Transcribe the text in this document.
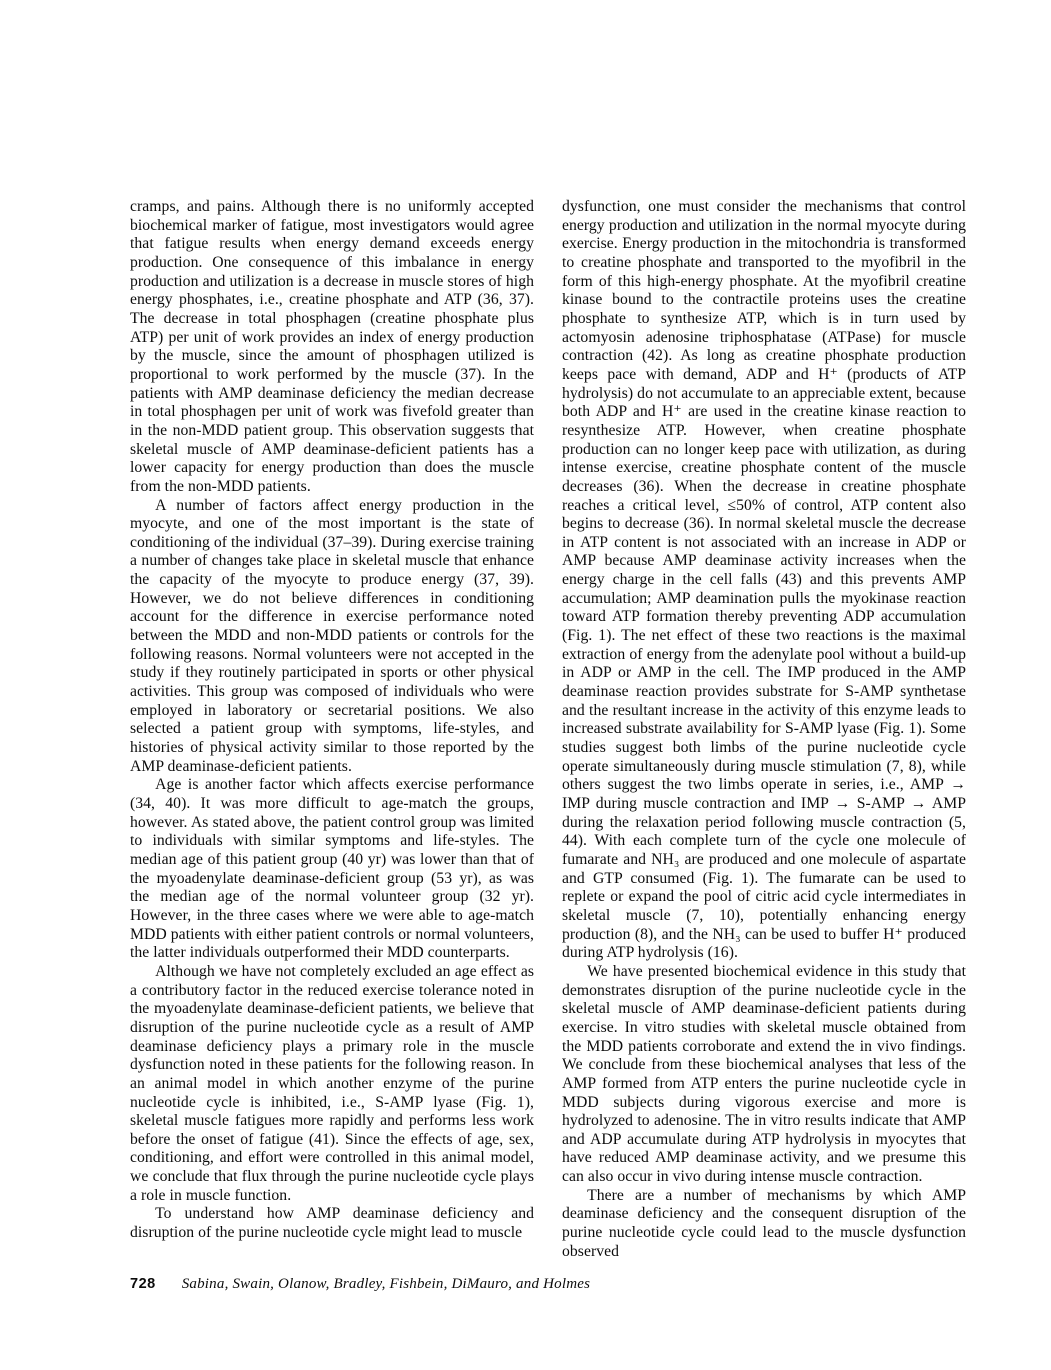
cramps, and pains. Although there is no uniformly accepted biochemical marker of fatigue, most investigators would agree that fatigue results when energy demand exceeds energy production. One consequence of this imbalance in energy production and utilization is a decrease in muscle stores of high energy phosphates, i.e., creatine phosphate and ATP (36, 37). The decrease in total phosphagen (creatine phosphate plus ATP) per unit of work provides an index of energy production by the muscle, since the amount of phosphagen utilized is proportional to work performed by the muscle (37). In the patients with AMP deaminase deficiency the median decrease in total phosphagen per unit of work was fivefold greater than in the non-MDD patient group. This observation suggests that skeletal muscle of AMP deaminase-deficient patients has a lower capacity for energy production than does the muscle from the non-MDD patients.

A number of factors affect energy production in the myocyte, and one of the most important is the state of conditioning of the individual (37–39). During exercise training a number of changes take place in skeletal muscle that enhance the capacity of the myocyte to produce energy (37, 39). However, we do not believe differences in conditioning account for the difference in exercise performance noted between the MDD and non-MDD patients or controls for the following reasons. Normal volunteers were not accepted in the study if they routinely participated in sports or other physical activities. This group was composed of individuals who were employed in laboratory or secretarial positions. We also selected a patient group with symptoms, life-styles, and histories of physical activity similar to those reported by the AMP deaminase-deficient patients.

Age is another factor which affects exercise performance (34, 40). It was more difficult to age-match the groups, however. As stated above, the patient control group was limited to individuals with similar symptoms and life-styles. The median age of this patient group (40 yr) was lower than that of the myoadenylate deaminase-deficient group (53 yr), as was the median age of the normal volunteer group (32 yr). However, in the three cases where we were able to age-match MDD patients with either patient controls or normal volunteers, the latter individuals outperformed their MDD counterparts.

Although we have not completely excluded an age effect as a contributory factor in the reduced exercise tolerance noted in the myoadenylate deaminase-deficient patients, we believe that disruption of the purine nucleotide cycle as a result of AMP deaminase deficiency plays a primary role in the muscle dysfunction noted in these patients for the following reason. In an animal model in which another enzyme of the purine nucleotide cycle is inhibited, i.e., S-AMP lyase (Fig. 1), skeletal muscle fatigues more rapidly and performs less work before the onset of fatigue (41). Since the effects of age, sex, conditioning, and effort were controlled in this animal model, we conclude that flux through the purine nucleotide cycle plays a role in muscle function.

To understand how AMP deaminase deficiency and disruption of the purine nucleotide cycle might lead to muscle

dysfunction, one must consider the mechanisms that control energy production and utilization in the normal myocyte during exercise. Energy production in the mitochondria is transformed to creatine phosphate and transported to the myofibril in the form of this high-energy phosphate. At the myofibril creatine kinase bound to the contractile proteins uses the creatine phosphate to synthesize ATP, which is in turn used by actomyosin adenosine triphosphatase (ATPase) for muscle contraction (42). As long as creatine phosphate production keeps pace with demand, ADP and H⁺ (products of ATP hydrolysis) do not accumulate to an appreciable extent, because both ADP and H⁺ are used in the creatine kinase reaction to resynthesize ATP. However, when creatine phosphate production can no longer keep pace with utilization, as during intense exercise, creatine phosphate content of the muscle decreases (36). When the decrease in creatine phosphate reaches a critical level, ≤50% of control, ATP content also begins to decrease (36). In normal skeletal muscle the decrease in ATP content is not associated with an increase in ADP or AMP because AMP deaminase activity increases when the energy charge in the cell falls (43) and this prevents AMP accumulation; AMP deamination pulls the myokinase reaction toward ATP formation thereby preventing ADP accumulation (Fig. 1). The net effect of these two reactions is the maximal extraction of energy from the adenylate pool without a build-up in ADP or AMP in the cell. The IMP produced in the AMP deaminase reaction provides substrate for S-AMP synthetase and the resultant increase in the activity of this enzyme leads to increased substrate availability for S-AMP lyase (Fig. 1). Some studies suggest both limbs of the purine nucleotide cycle operate simultaneously during muscle stimulation (7, 8), while others suggest the two limbs operate in series, i.e., AMP → IMP during muscle contraction and IMP → S-AMP → AMP during the relaxation period following muscle contraction (5, 44). With each complete turn of the cycle one molecule of fumarate and NH₃ are produced and one molecule of aspartate and GTP consumed (Fig. 1). The fumarate can be used to replete or expand the pool of citric acid cycle intermediates in skeletal muscle (7, 10), potentially enhancing energy production (8), and the NH₃ can be used to buffer H⁺ produced during ATP hydrolysis (16).

We have presented biochemical evidence in this study that demonstrates disruption of the purine nucleotide cycle in the skeletal muscle of AMP deaminase-deficient patients during exercise. In vitro studies with skeletal muscle obtained from the MDD patients corroborate and extend the in vivo findings. We conclude from these biochemical analyses that less of the AMP formed from ATP enters the purine nucleotide cycle in MDD subjects during vigorous exercise and more is hydrolyzed to adenosine. The in vitro results indicate that AMP and ADP accumulate during ATP hydrolysis in myocytes that have reduced AMP deaminase activity, and we presume this can also occur in vivo during intense muscle contraction.

There are a number of mechanisms by which AMP deaminase deficiency and the consequent disruption of the purine nucleotide cycle could lead to the muscle dysfunction observed

728 Sabina, Swain, Olanow, Bradley, Fishbein, DiMauro, and Holmes
